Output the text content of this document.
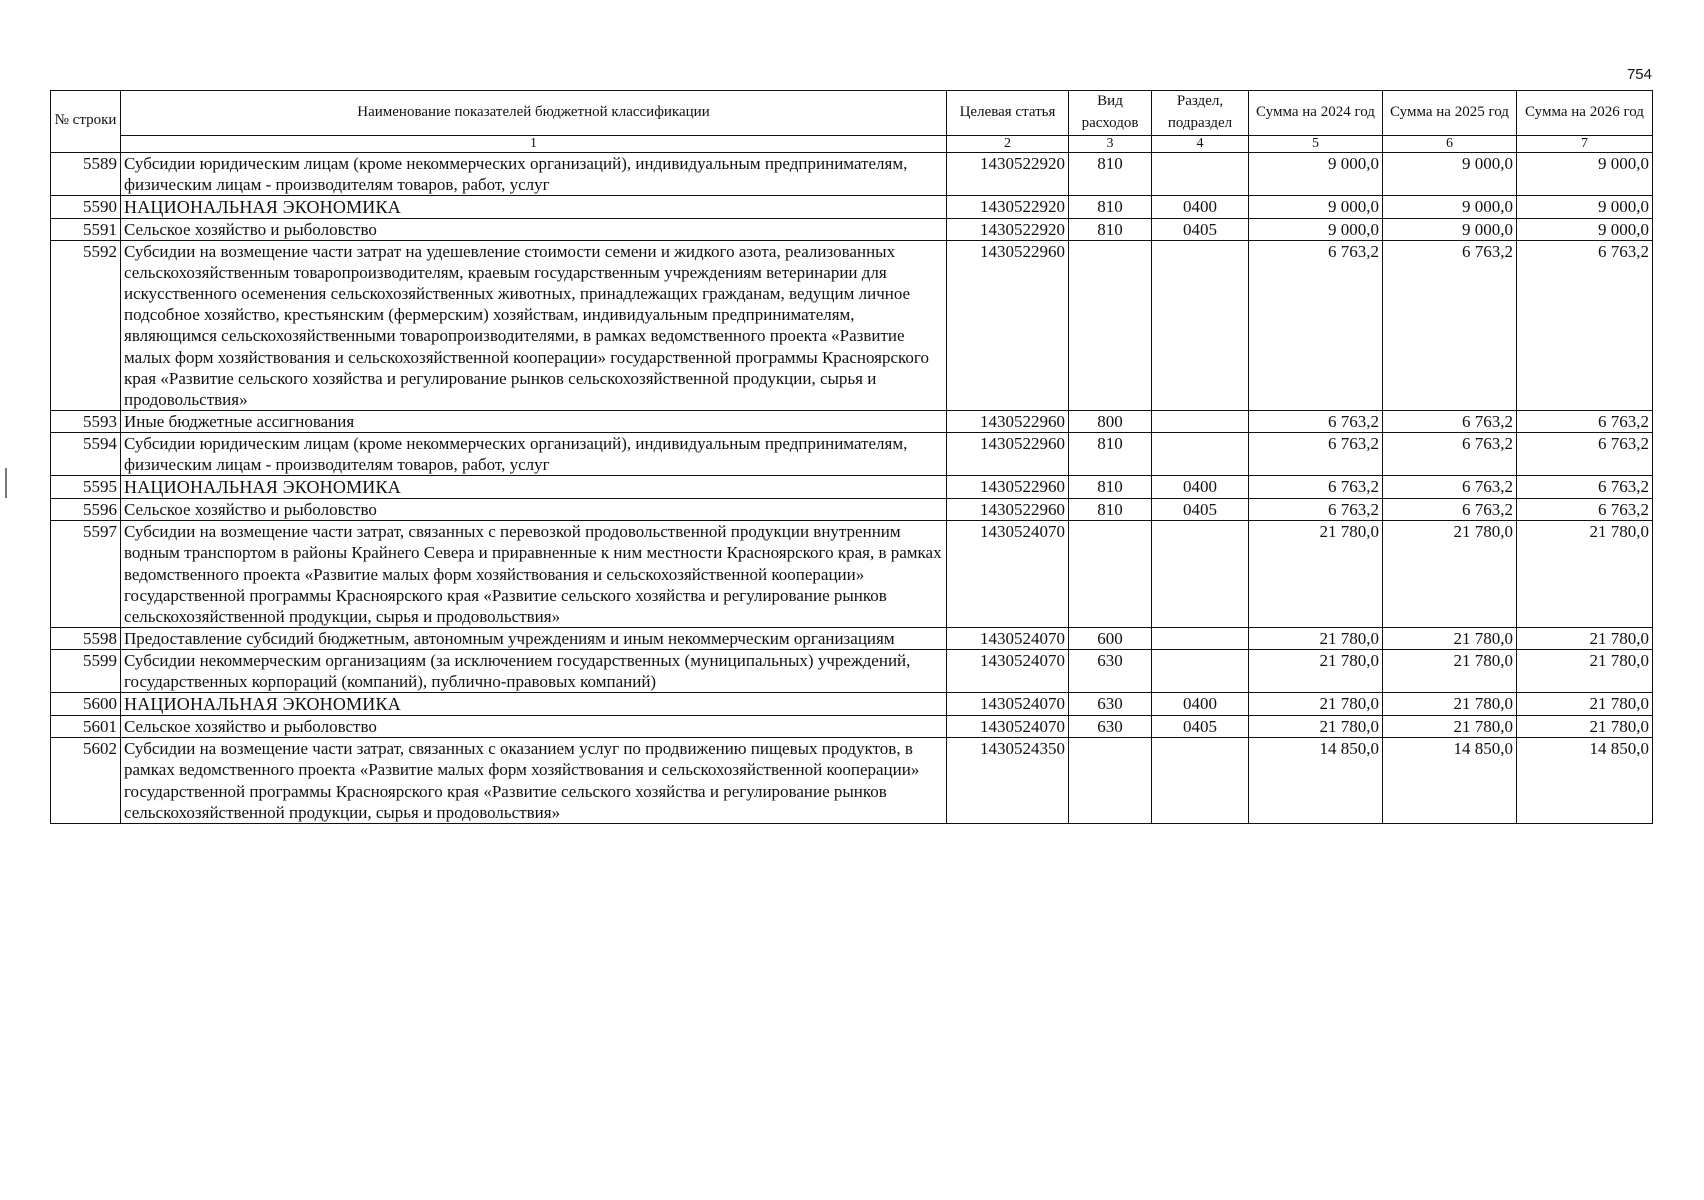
754
№ строки	Наименование показателей бюджетной классификации	Целевая статья	Вид расходов	Раздел, подраздел	Сумма на 2024 год	Сумма на 2025 год	Сумма на 2026 год
	1	2	3	4	5	6	7
5589	Субсидии юридическим лицам (кроме некоммерческих организаций), индивидуальным предпринимателям, физическим лицам - производителям товаров, работ, услуг	1430522920	810		9 000,0	9 000,0	9 000,0
5590	НАЦИОНАЛЬНАЯ ЭКОНОМИКА	1430522920	810	0400	9 000,0	9 000,0	9 000,0
5591	Сельское хозяйство и рыболовство	1430522920	810	0405	9 000,0	9 000,0	9 000,0
5592	Субсидии на возмещение части затрат на удешевление стоимости семени и жидкого азота, реализованных сельскохозяйственным товаропроизводителям, краевым государственным учреждениям ветеринарии для искусственного осеменения сельскохозяйственных животных, принадлежащих гражданам, ведущим личное подсобное хозяйство, крестьянским (фермерским) хозяйствам, индивидуальным предпринимателям, являющимся сельскохозяйственными товаропроизводителями, в рамках ведомственного проекта «Развитие малых форм хозяйствования и сельскохозяйственной кооперации» государственной программы Красноярского края «Развитие сельского хозяйства и регулирование рынков сельскохозяйственной продукции, сырья и продовольствия»	1430522960			6 763,2	6 763,2	6 763,2
5593	Иные бюджетные ассигнования	1430522960	800		6 763,2	6 763,2	6 763,2
5594	Субсидии юридическим лицам (кроме некоммерческих организаций), индивидуальным предпринимателям, физическим лицам - производителям товаров, работ, услуг	1430522960	810		6 763,2	6 763,2	6 763,2
5595	НАЦИОНАЛЬНАЯ ЭКОНОМИКА	1430522960	810	0400	6 763,2	6 763,2	6 763,2
5596	Сельское хозяйство и рыболовство	1430522960	810	0405	6 763,2	6 763,2	6 763,2
5597	Субсидии на возмещение части затрат, связанных с перевозкой продовольственной продукции внутренним водным транспортом в районы Крайнего Севера и приравненные к ним местности Красноярского края, в рамках ведомственного проекта «Развитие малых форм хозяйствования и сельскохозяйственной кооперации» государственной программы Красноярского края «Развитие сельского хозяйства и регулирование рынков сельскохозяйственной продукции, сырья и продовольствия»	1430524070			21 780,0	21 780,0	21 780,0
5598	Предоставление субсидий бюджетным, автономным учреждениям и иным некоммерческим организациям	1430524070	600		21 780,0	21 780,0	21 780,0
5599	Субсидии некоммерческим организациям (за исключением государственных (муниципальных) учреждений, государственных корпораций (компаний), публично-правовых компаний)	1430524070	630		21 780,0	21 780,0	21 780,0
5600	НАЦИОНАЛЬНАЯ ЭКОНОМИКА	1430524070	630	0400	21 780,0	21 780,0	21 780,0
5601	Сельское хозяйство и рыболовство	1430524070	630	0405	21 780,0	21 780,0	21 780,0
5602	Субсидии на возмещение части затрат, связанных с оказанием услуг по продвижению пищевых продуктов, в рамках ведомственного проекта «Развитие малых форм хозяйствования и сельскохозяйственной кооперации» государственной программы Красноярского края «Развитие сельского хозяйства и регулирование рынков сельскохозяйственной продукции, сырья и продовольствия»	1430524350			14 850,0	14 850,0	14 850,0
